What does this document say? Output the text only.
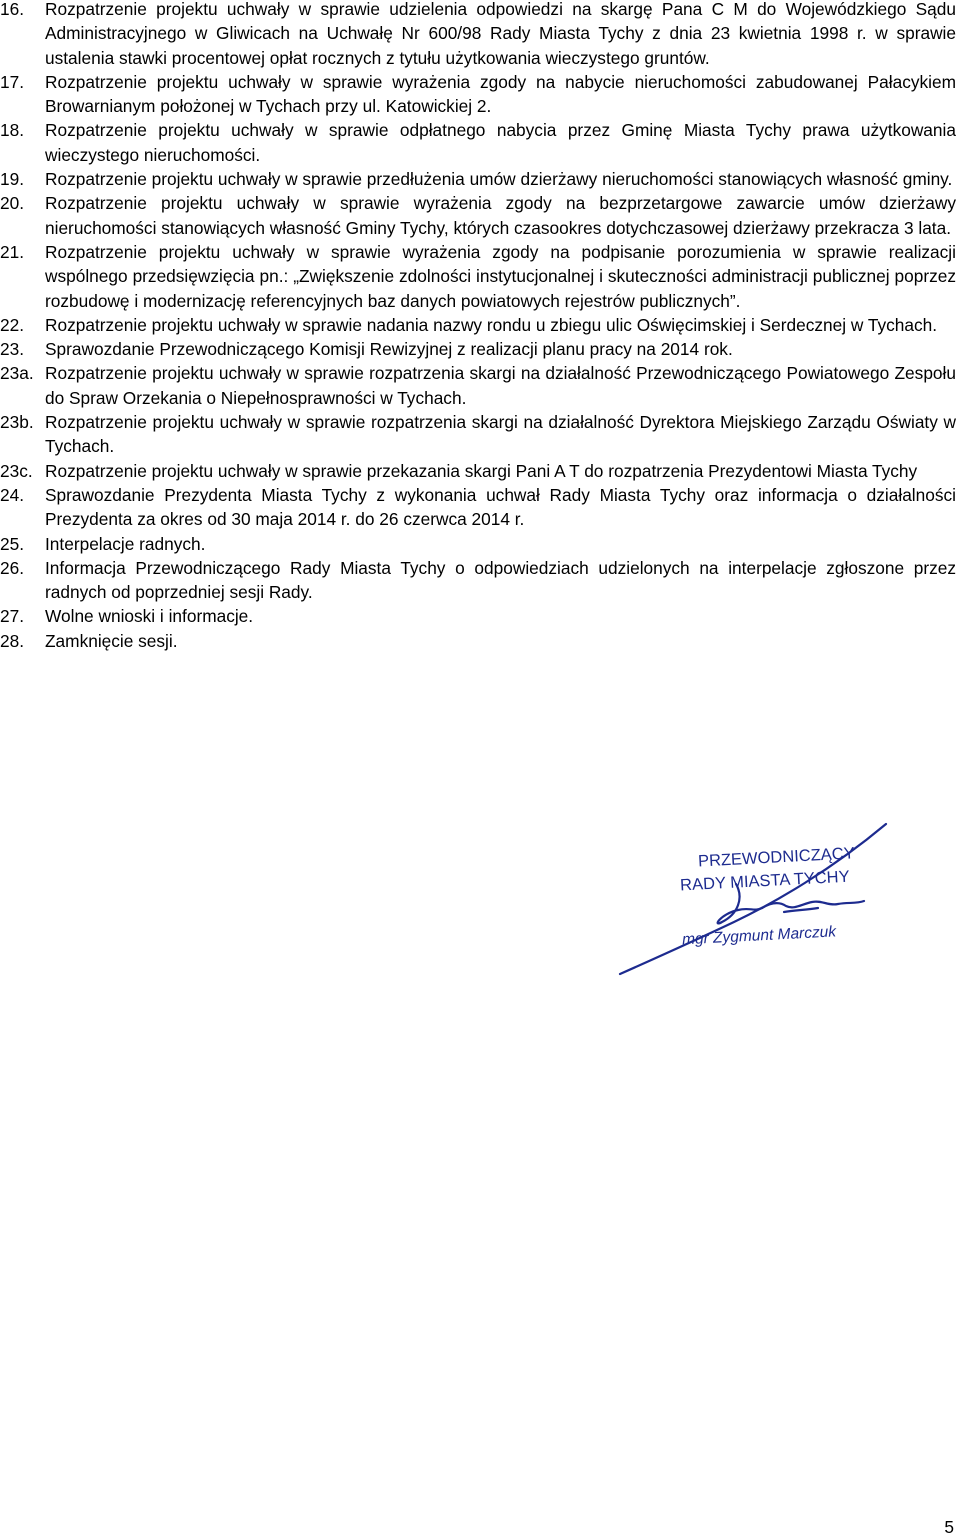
16.	Rozpatrzenie projektu uchwały w sprawie udzielenia odpowiedzi na skargę Pana C M do Wojewódzkiego Sądu Administracyjnego w Gliwicach na Uchwałę Nr 600/98 Rady Miasta Tychy z dnia 23 kwietnia 1998 r. w sprawie ustalenia stawki procentowej opłat rocznych z tytułu użytkowania wieczystego gruntów.
17.	Rozpatrzenie projektu uchwały w sprawie wyrażenia zgody na nabycie nieruchomości zabudowanej Pałacykiem Browarnianym położonej w Tychach przy ul. Katowickiej 2.
18.	Rozpatrzenie projektu uchwały w sprawie odpłatnego nabycia przez Gminę Miasta Tychy prawa użytkowania wieczystego nieruchomości.
19.	Rozpatrzenie projektu uchwały w sprawie przedłużenia umów dzierżawy nieruchomości stanowiących własność gminy.
20.	Rozpatrzenie projektu uchwały w sprawie wyrażenia zgody na bezprzetargowe zawarcie umów dzierżawy nieruchomości stanowiących własność Gminy Tychy, których czasookres dotychczasowej dzierżawy przekracza 3 lata.
21.	Rozpatrzenie projektu uchwały w sprawie wyrażenia zgody na podpisanie porozumienia w sprawie realizacji wspólnego przedsięwzięcia pn.: „Zwiększenie zdolności instytucjonalnej i skuteczności administracji publicznej poprzez rozbudowę i modernizację referencyjnych baz danych powiatowych rejestrów publicznych”.
22.	Rozpatrzenie projektu uchwały w sprawie nadania nazwy rondu u zbiegu ulic Oświęcimskiej i Serdecznej w Tychach.
23.	Sprawozdanie Przewodniczącego Komisji Rewizyjnej z realizacji planu pracy na 2014 rok.
23a. Rozpatrzenie projektu uchwały w sprawie rozpatrzenia skargi na działalność Przewodniczącego Powiatowego Zespołu do Spraw Orzekania o Niepełnosprawności w Tychach.
23b. Rozpatrzenie projektu uchwały w sprawie rozpatrzenia skargi na działalność Dyrektora Miejskiego Zarządu Oświaty w Tychach.
23c. Rozpatrzenie projektu uchwały w sprawie przekazania skargi Pani A T do rozpatrzenia Prezydentowi Miasta Tychy
24.	Sprawozdanie Prezydenta Miasta Tychy z wykonania uchwał Rady Miasta Tychy oraz informacja o działalności Prezydenta za okres od 30 maja 2014 r. do 26 czerwca 2014 r.
25.	Interpelacje radnych.
26.	Informacja Przewodniczącego Rady Miasta Tychy o odpowiedziach udzielonych na interpelacje zgłoszone przez radnych od poprzedniej sesji Rady.
27.	Wolne wnioski i informacje.
28.	Zamknięcie sesji.
PRZEWODNICZĄCY
RADY MIASTA TYCHY
mgr Zygmunt Marczuk
5
